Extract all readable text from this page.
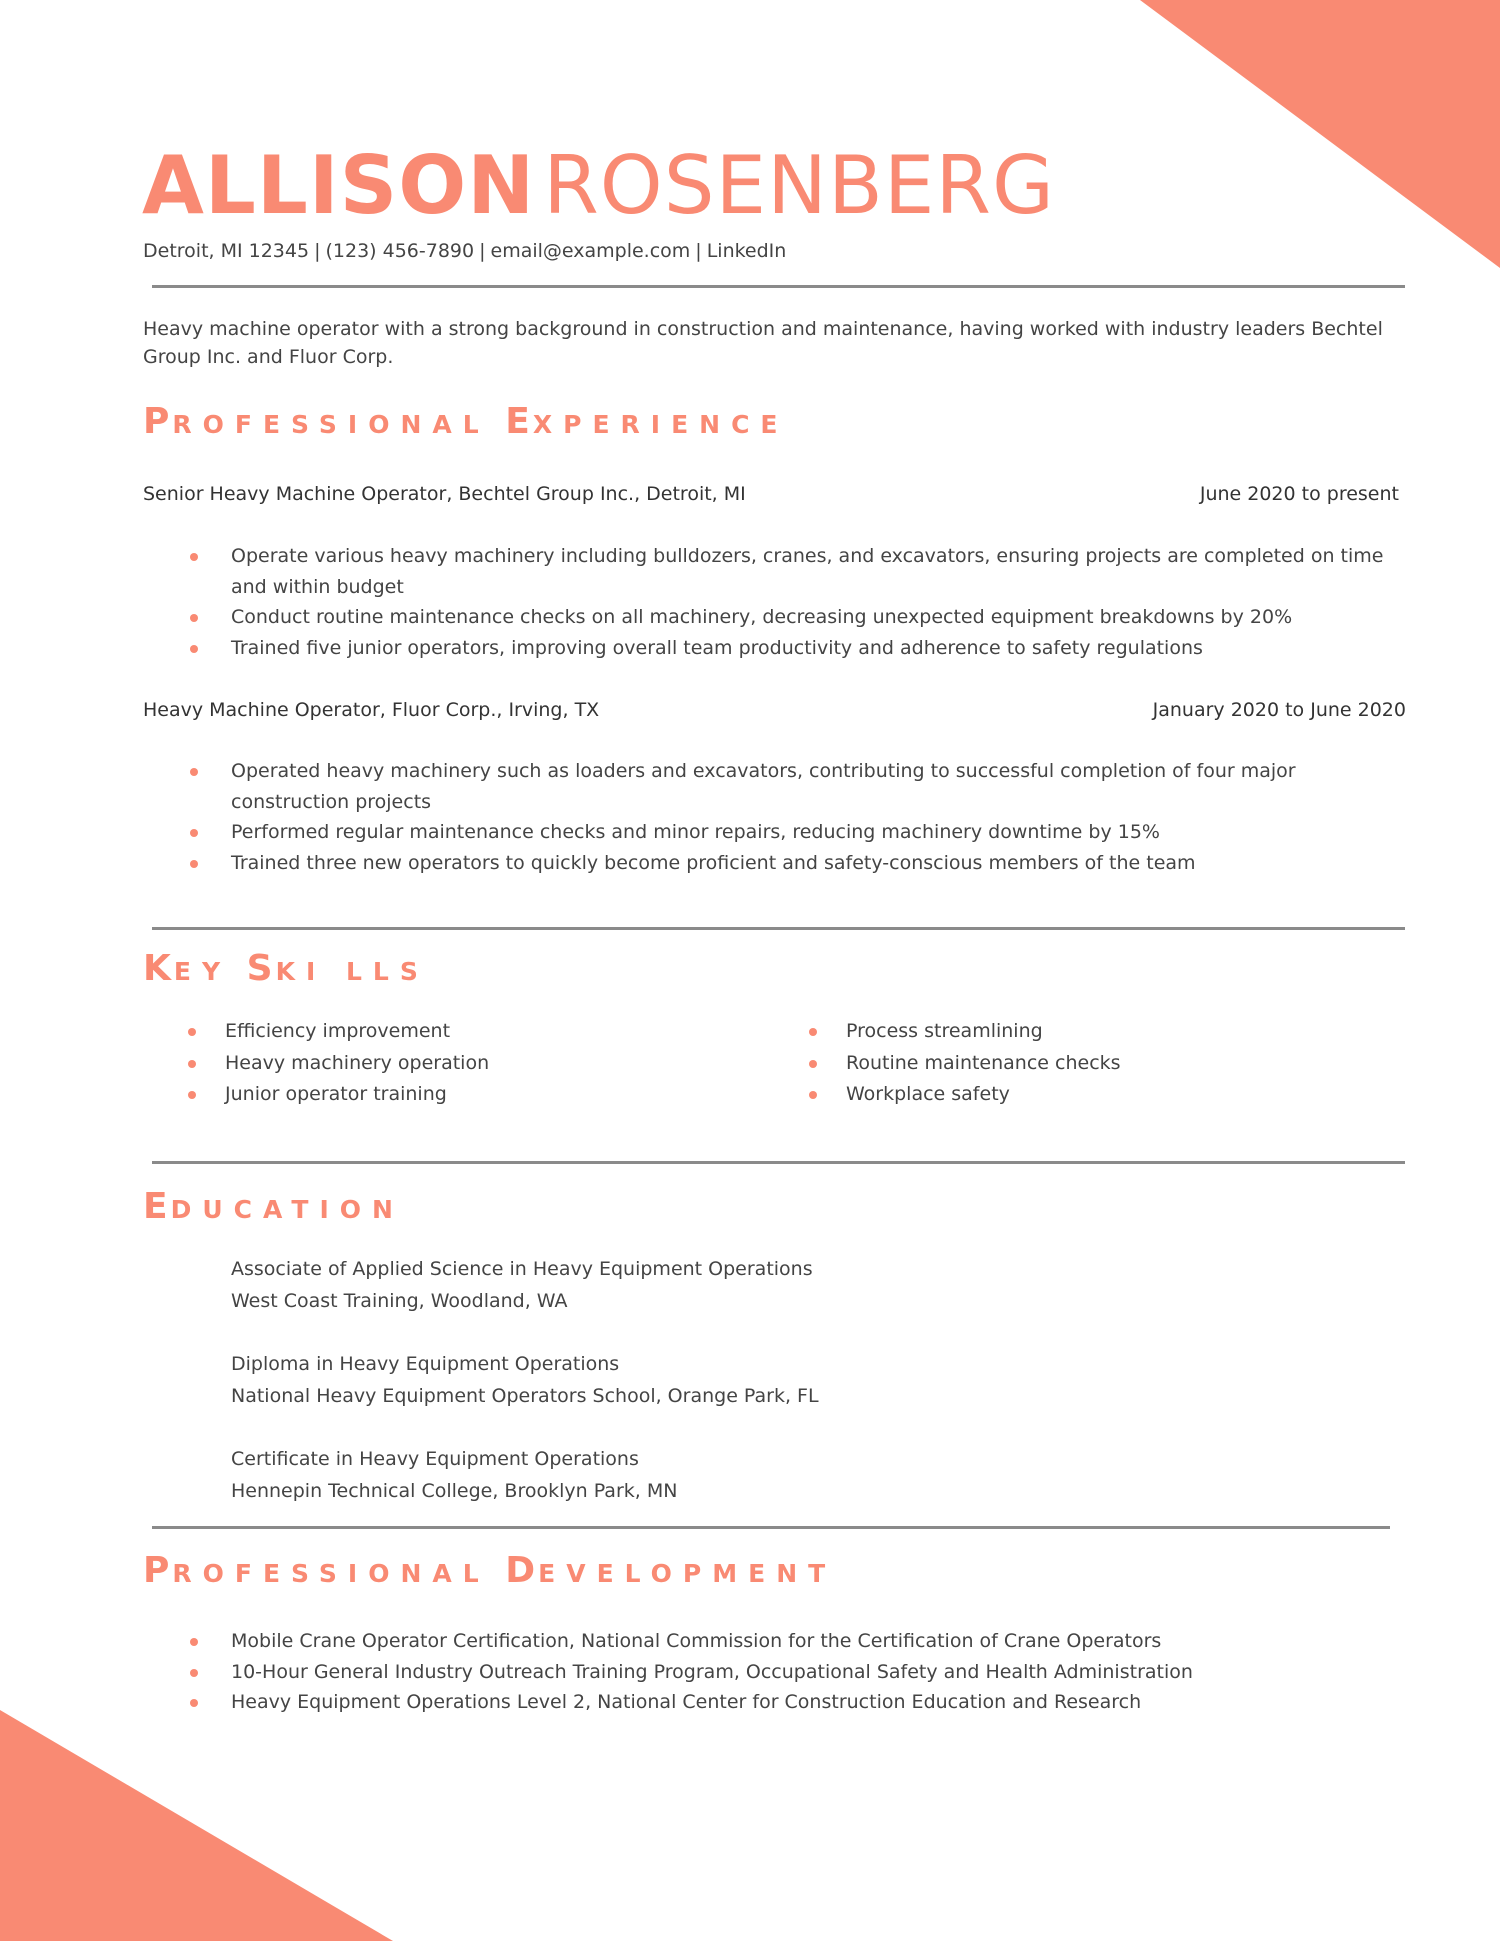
ALLISON ROSENBERG
Detroit, MI 12345 | (123) 456-7890 | email@example.com | LinkedIn

Heavy machine operator with a strong background in construction and maintenance, having worked with industry leaders Bechtel Group Inc. and Fluor Corp.

PROFESSIONAL EXPERIENCE
Senior Heavy Machine Operator, Bechtel Group Inc., Detroit, MI	June 2020 to present
Operate various heavy machinery including bulldozers, cranes, and excavators, ensuring projects are completed on time and within budget
Conduct routine maintenance checks on all machinery, decreasing unexpected equipment breakdowns by 20%
Trained five junior operators, improving overall team productivity and adherence to safety regulations
Heavy Machine Operator, Fluor Corp., Irving, TX	January 2020 to June 2020
Operated heavy machinery such as loaders and excavators, contributing to successful completion of four major construction projects
Performed regular maintenance checks and minor repairs, reducing machinery downtime by 15%
Trained three new operators to quickly become proficient and safety-conscious members of the team
KEY SKI LLS
Efficiency improvement
Heavy machinery operation
Junior operator training
Process streamlining
Routine maintenance checks
Workplace safety
EDUCATION
Associate of Applied Science in Heavy Equipment Operations
West Coast Training, Woodland, WA
Diploma in Heavy Equipment Operations
National Heavy Equipment Operators School, Orange Park, FL
Certificate in Heavy Equipment Operations
Hennepin Technical College, Brooklyn Park, MN
PROFESSIONAL DEVELOPMENT
Mobile Crane Operator Certification, National Commission for the Certification of Crane Operators
10-Hour General Industry Outreach Training Program, Occupational Safety and Health Administration
Heavy Equipment Operations Level 2, National Center for Construction Education and Research
